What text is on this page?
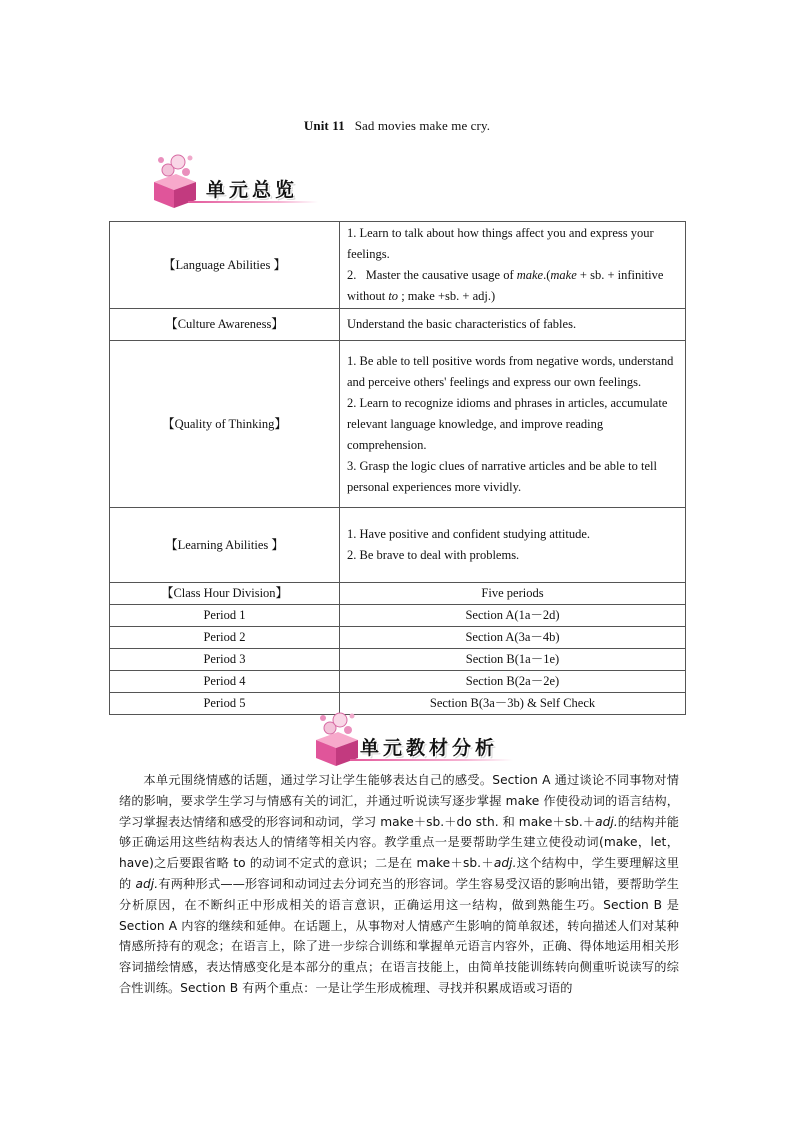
Unit 11 Sad movies make me cry.
单元总览
【Language Abilities 】	1. Learn to talk about how things affect you and express your feelings.
2. Master the causative usage of make.(make + sb. + infinitive without to ; make +sb. + adj.)

【Culture Awareness】	Understand the basic characteristics of fables.
【Quality of Thinking】	1. Be able to tell positive words from negative words, understand and perceive others' feelings and express our own feelings.
2. Learn to recognize idioms and phrases in articles, accumulate relevant language knowledge, and improve reading comprehension.
3. Grasp the logic clues of narrative articles and be able to tell personal experiences more vividly.

【Learning Abilities 】	1. Have positive and confident studying attitude.
2. Be brave to deal with problems.

【Class Hour Division】	Five periods
Period 1	Section A(1a－2d)
Period 2	Section A(3a－4b)
Period 3	Section B(1a－1e)
Period 4	Section B(2a－2e)
Period 5	Section B(3a－3b) & Self Check
单元教材分析
本单元围绕情感的话题，通过学习让学生能够表达自己的感受。Section A 通过谈论不同事物对情绪的影响，要求学生学习与情感有关的词汇，并通过听说读写逐步掌握 make 作使役动词的语言结构，学习掌握表达情绪和感受的形容词和动词，学习 make＋sb.＋do sth. 和 make＋sb.＋adj.的结构并能够正确运用这些结构表达人的情绪等相关内容。教学重点一是要帮助学生建立使役动词(make，let，have)之后要跟省略 to 的动词不定式的意识；二是在 make＋sb.＋adj.这个结构中，学生要理解这里的 adj.有两种形式——形容词和动词过去分词充当的形容词。学生容易受汉语的影响出错，要帮助学生分析原因，在不断纠正中形成相关的语言意识，正确运用这一结构，做到熟能生巧。Section B 是 Section A 内容的继续和延伸。在话题上，从事物对人情感产生影响的简单叙述，转向描述人们对某种情感所持有的观念；在语言上，除了进一步综合训练和掌握单元语言内容外，正确、得体地运用相关形容词描绘情感，表达情感变化是本部分的重点；在语言技能上，由简单技能训练转向侧重听说读写的综合性训练。Section B 有两个重点：一是让学生形成梳理、寻找并积累成语或习语的
